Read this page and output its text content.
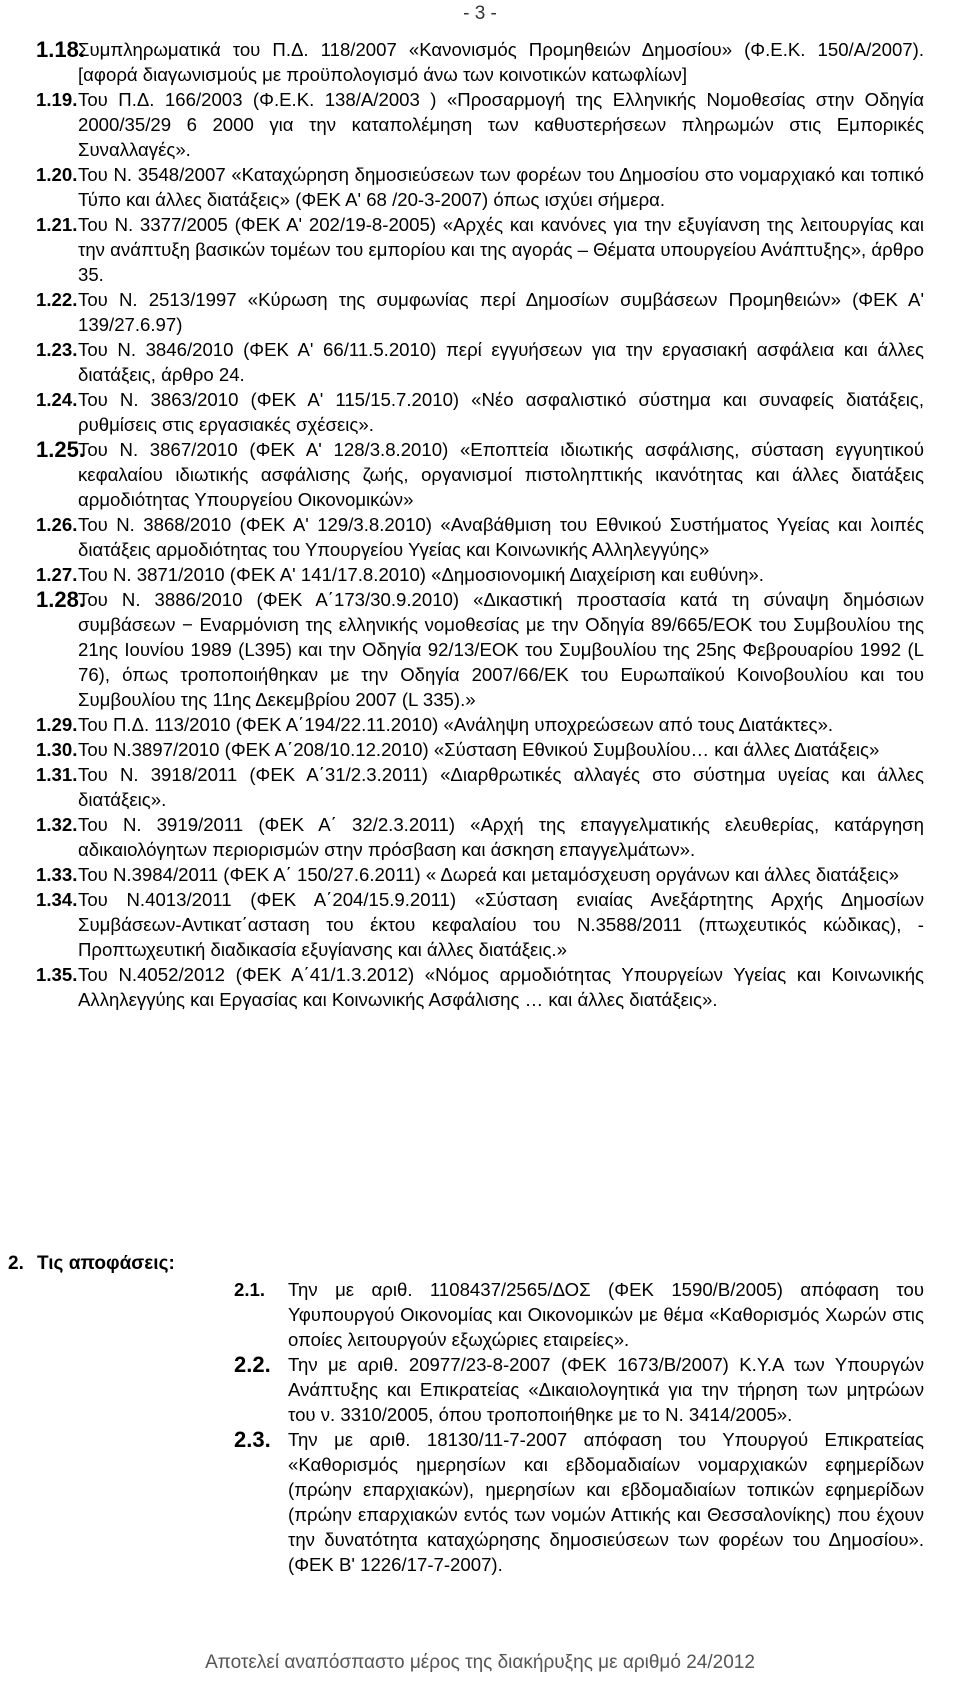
- 3 -

1.18.
Συμπληρωματικά του Π.Δ. 118/2007 «Κανονισμός Προμηθειών Δημοσίου» (Φ.Ε.Κ. 150/Α/2007). [αφορά διαγωνισμούς με προϋπολογισμό άνω των κοινοτικών κατωφλίων]

1.19. Του Π.Δ. 166/2003 (Φ.Ε.Κ. 138/Α/2003 ) «Προσαρμογή της Ελληνικής Νομοθεσίας στην Οδηγία 2000/35/29 6 2000 για την καταπολέμηση των καθυστερήσεων πληρωμών στις Εμπορικές Συναλλαγές».

1.20. Του Ν. 3548/2007 «Καταχώρηση δημοσιεύσεων των φορέων του Δημοσίου στο νομαρχιακό και τοπικό Τύπο και άλλες διατάξεις» (ΦΕΚ Α' 68 /20-3-2007) όπως ισχύει σήμερα.

1.21. Του Ν. 3377/2005 (ΦΕΚ Α' 202/19-8-2005) «Αρχές και κανόνες για την εξυγίανση της λειτουργίας και την ανάπτυξη βασικών τομέων του εμπορίου και της αγοράς – Θέματα υπουργείου Ανάπτυξης», άρθρο 35.

1.22. Του Ν. 2513/1997 «Κύρωση της συμφωνίας περί Δημοσίων συμβάσεων Προμηθειών» (ΦΕΚ Α' 139/27.6.97)

1.23. Του Ν. 3846/2010 (ΦΕΚ Α' 66/11.5.2010) περί εγγυήσεων για την εργασιακή ασφάλεια και άλλες διατάξεις, άρθρο 24.

1.24. Του Ν. 3863/2010 (ΦΕΚ Α' 115/15.7.2010) «Νέο ασφαλιστικό σύστημα και συναφείς διατάξεις, ρυθμίσεις στις εργασιακές σχέσεις».

1.25.
Του Ν. 3867/2010 (ΦΕΚ Α' 128/3.8.2010) «Εποπτεία ιδιωτικής ασφάλισης, σύσταση εγγυητικού κεφαλαίου ιδιωτικής ασφάλισης ζωής, οργανισμοί πιστοληπτικής ικανότητας και άλλες διατάξεις αρμοδιότητας Υπουργείου Οικονομικών»

1.26. Του Ν. 3868/2010 (ΦΕΚ Α' 129/3.8.2010) «Αναβάθμιση του Εθνικού Συστήματος Υγείας και λοιπές διατάξεις αρμοδιότητας του Υπουργείου Υγείας και Κοινωνικής Αλληλεγγύης»

1.27. Του Ν. 3871/2010 (ΦΕΚ Α' 141/17.8.2010) «Δημοσιονομική Διαχείριση και ευθύνη».

1.28.
Του Ν. 3886/2010 (ΦΕΚ Α΄173/30.9.2010) «Δικαστική προστασία κατά τη σύναψη δημόσιων συμβάσεων − Εναρμόνιση της ελληνικής νομοθεσίας με την Οδηγία 89/665/ΕΟΚ του Συμβουλίου της 21ης Ιουνίου 1989 (L395) και την Οδηγία 92/13/ΕΟΚ του Συμβουλίου της 25ης Φεβρουαρίου 1992 (L 76), όπως τροποποιήθηκαν με την Οδηγία 2007/66/ΕΚ του Ευρωπαϊκού Κοινοβουλίου και του Συμβουλίου της 11ης Δεκεμβρίου 2007 (L 335).»

1.29. Του Π.Δ. 113/2010 (ΦΕΚ Α΄194/22.11.2010) «Ανάληψη υποχρεώσεων από τους Διατάκτες».

1.30. Του Ν.3897/2010 (ΦΕΚ Α΄208/10.12.2010) «Σύσταση Εθνικού Συμβουλίου… και άλλες Διατάξεις»

1.31. Του Ν. 3918/2011 (ΦΕΚ Α΄31/2.3.2011) «Διαρθρωτικές αλλαγές στο σύστημα υγείας και άλλες διατάξεις».

1.32. Του Ν. 3919/2011 (ΦΕΚ Α΄ 32/2.3.2011) «Αρχή της επαγγελματικής ελευθερίας, κατάργηση αδικαιολόγητων περιορισμών στην πρόσβαση και άσκηση επαγγελμάτων».

1.33. Του Ν.3984/2011 (ΦΕΚ Α΄ 150/27.6.2011) « Δωρεά και μεταμόσχευση οργάνων και άλλες διατάξεις»

1.34. Του Ν.4013/2011 (ΦΕΚ Α΄204/15.9.2011) «Σύσταση ενιαίας Ανεξάρτητης Αρχής Δημοσίων Συμβάσεων-Αντικατ΄ασταση του έκτου κεφαλαίου του Ν.3588/2011 (πτωχευτικός κώδικας), - Προπτωχευτική διαδικασία εξυγίανσης και άλλες διατάξεις.»

1.35. Του Ν.4052/2012 (ΦΕΚ Α΄41/1.3.2012) «Νόμος αρμοδιότητας Υπουργείων Υγείας και Κοινωνικής Αλληλεγγύης και Εργασίας και Κοινωνικής Ασφάλισης … και άλλες διατάξεις».

2. Τις αποφάσεις:

2.1. Την με αριθ. 1108437/2565/ΔΟΣ (ΦΕΚ 1590/Β/2005) απόφαση του Υφυπουργού Οικονομίας και Οικονομικών με θέμα «Καθορισμός Χωρών στις οποίες λειτουργούν εξωχώριες εταιρείες».

2.2. Την με αριθ. 20977/23-8-2007 (ΦΕΚ 1673/Β/2007) Κ.Υ.Α των Υπουργών Ανάπτυξης και Επικρατείας «Δικαιολογητικά για την τήρηση των μητρώων του ν. 3310/2005, όπου τροποποιήθηκε με το Ν. 3414/2005».

2.3. Την με αριθ. 18130/11-7-2007 απόφαση του Υπουργού Επικρατείας «Καθορισμός ημερησίων και εβδομαδιαίων νομαρχιακών εφημερίδων (πρώην επαρχιακών), ημερησίων και εβδομαδιαίων τοπικών εφημερίδων (πρώην επαρχιακών εντός των νομών Αττικής και Θεσσαλονίκης) που έχουν την δυνατότητα καταχώρησης δημοσιεύσεων των φορέων του Δημοσίου». (ΦΕΚ Β' 1226/17-7-2007).

Αποτελεί αναπόσπαστο μέρος της διακήρυξης με αριθμό 24/2012
